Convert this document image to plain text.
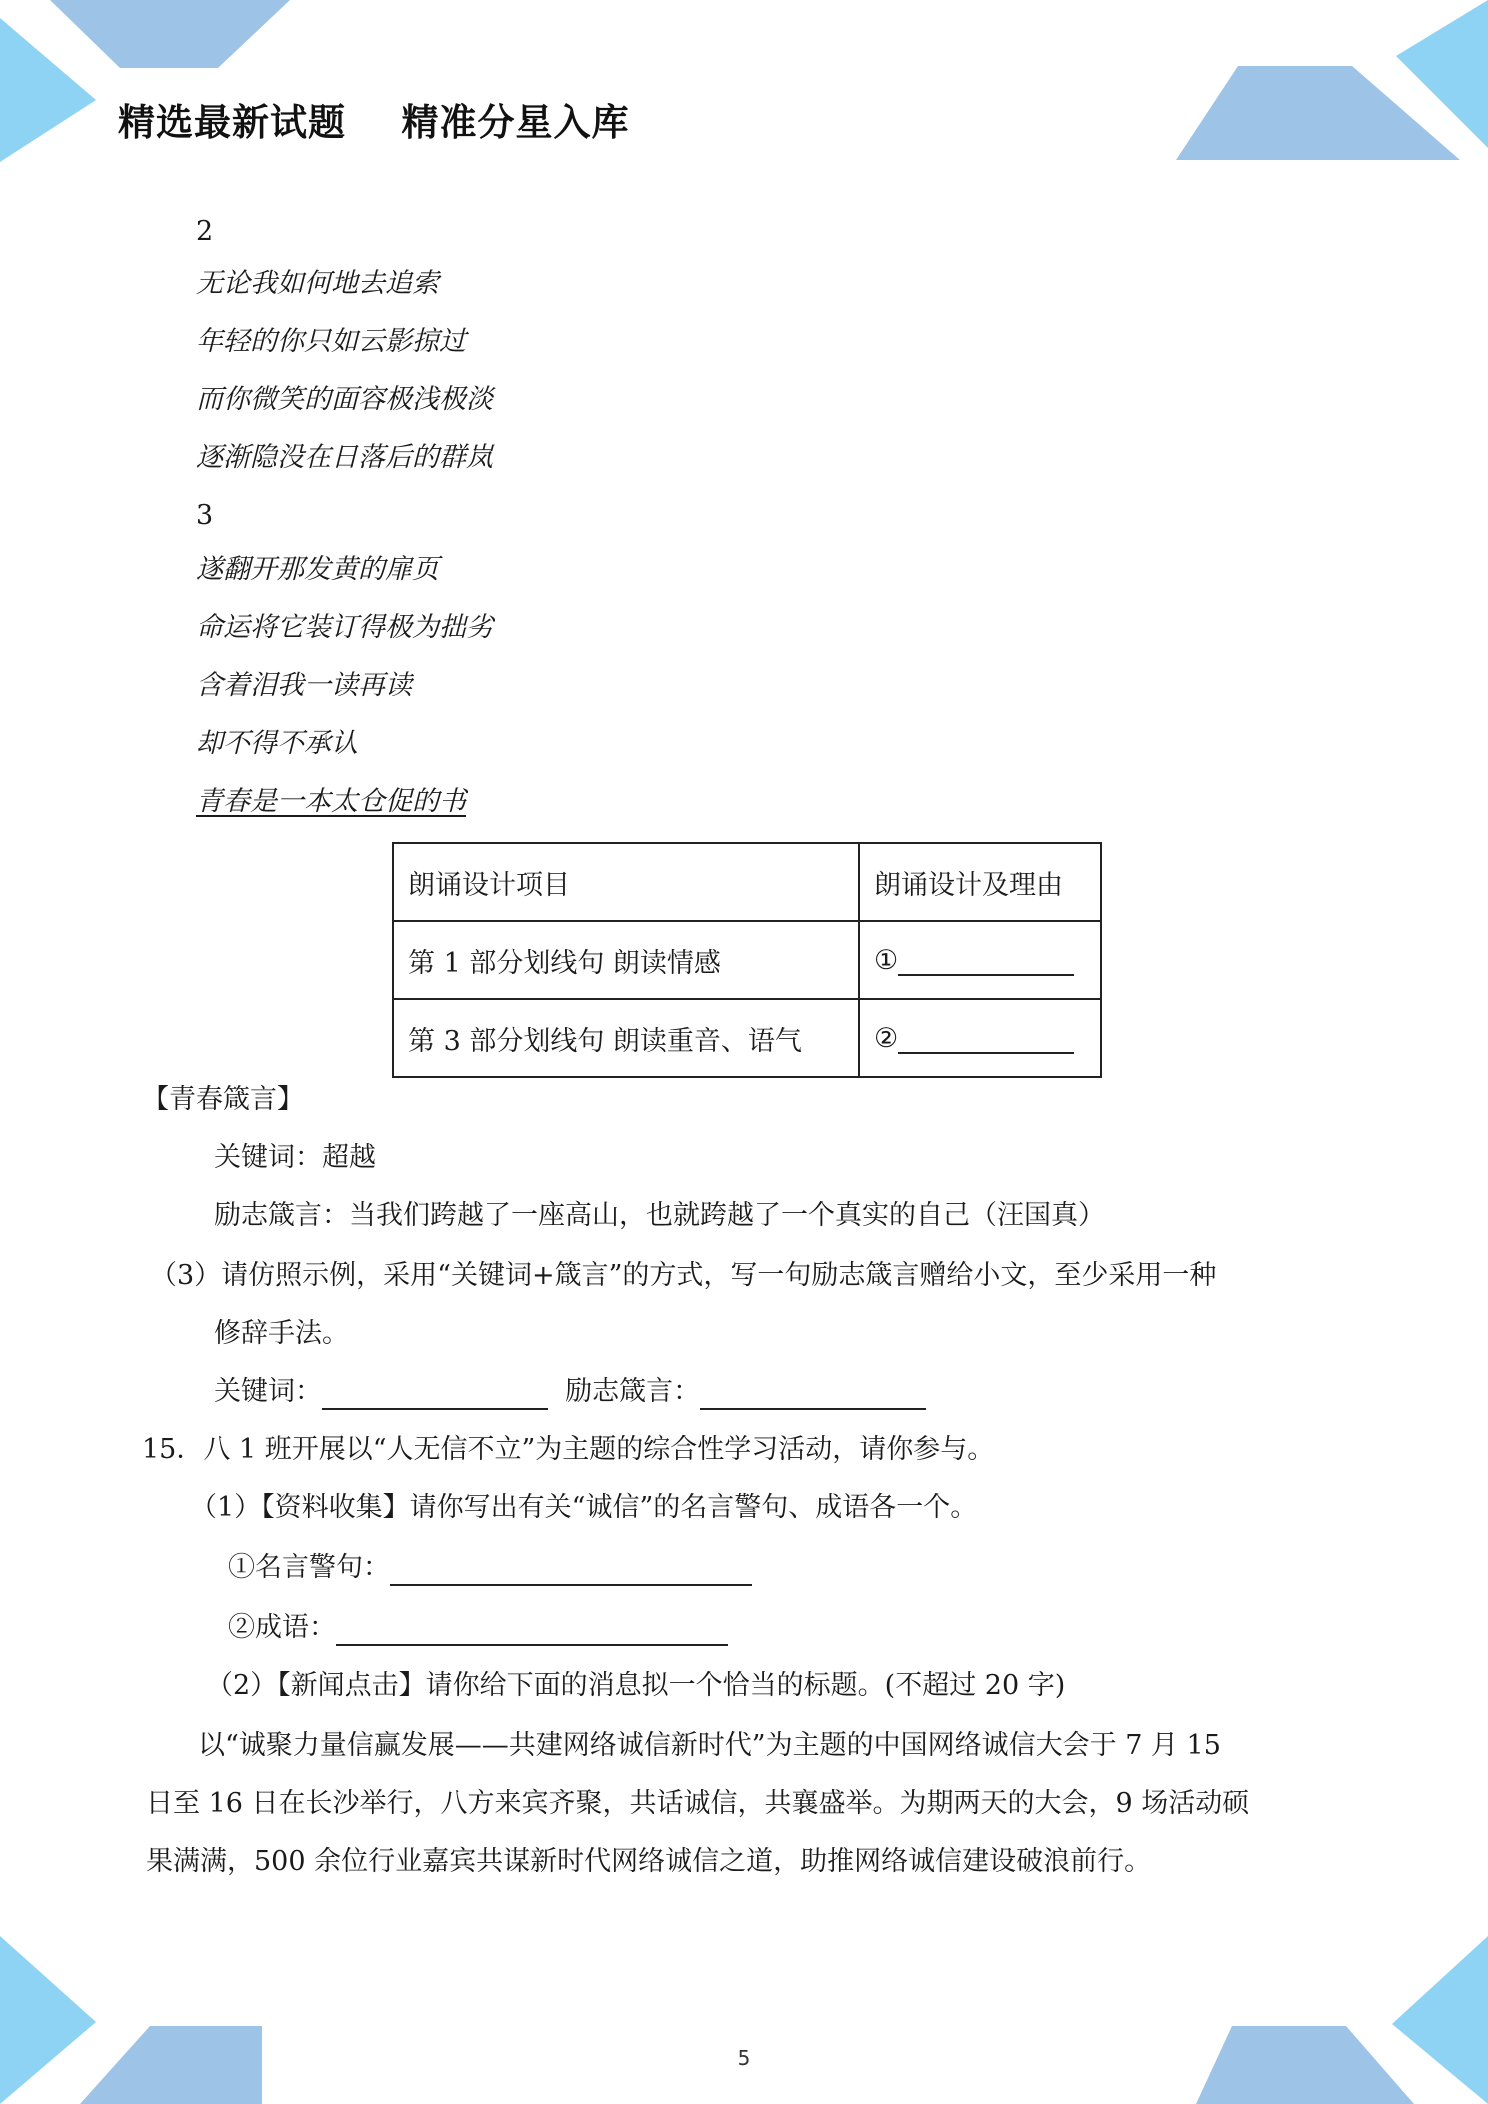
精选最新试题    精准分星入库
2
无论我如何地去追索
年轻的你只如云影掠过
而你微笑的面容极浅极淡
逐渐隐没在日落后的群岚
3
遂翻开那发黄的扉页
命运将它装订得极为拙劣
含着泪我一读再读
却不得不承认
青春是一本太仓促的书
朗诵设计项目	朗诵设计及理由
第 1 部分划线句 朗读情感	①
第 3 部分划线句 朗读重音、语气	②
【青春箴言】
关键词：超越
励志箴言：当我们跨越了一座高山，也就跨越了一个真实的自己（汪国真）
（3）请仿照示例，采用“关键词+箴言”的方式，写一句励志箴言赠给小文，至少采用一种
修辞手法。
关键词：	励志箴言：
15．八 1 班开展以“人无信不立”为主题的综合性学习活动，请你参与。
（1）【资料收集】请你写出有关“诚信”的名言警句、成语各一个。
①名言警句：
②成语：
（2）【新闻点击】请你给下面的消息拟一个恰当的标题。(不超过 20 字)
以“诚聚力量信赢发展——共建网络诚信新时代”为主题的中国网络诚信大会于 7 月 15
日至 16 日在长沙举行，八方来宾齐聚，共话诚信，共襄盛举。为期两天的大会，9 场活动硕
果满满，500 余位行业嘉宾共谋新时代网络诚信之道，助推网络诚信建设破浪前行。
5
